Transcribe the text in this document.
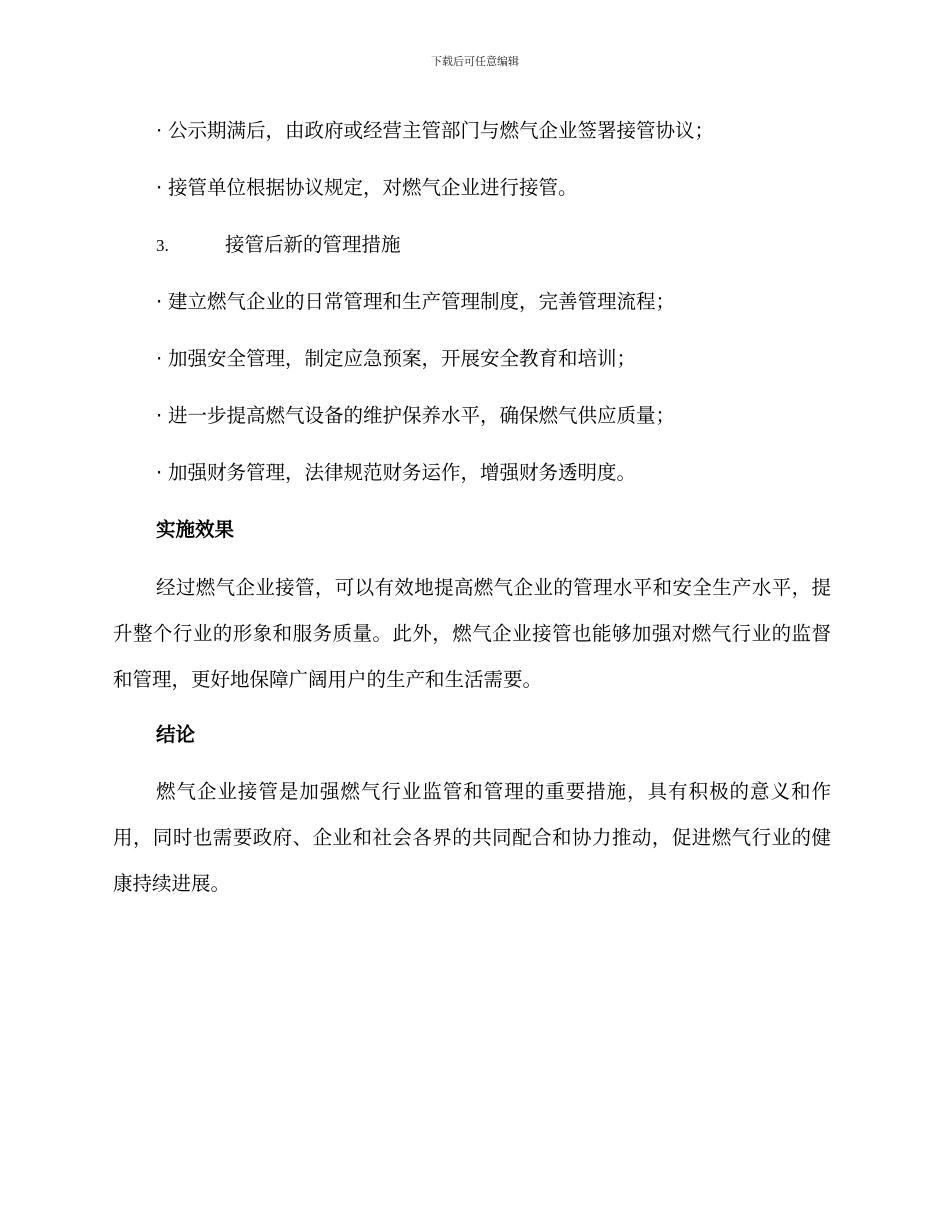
下载后可任意编辑
· 公示期满后，由政府或经营主管部门与燃气企业签署接管协议；
· 接管单位根据协议规定，对燃气企业进行接管。
3.	接管后新的管理措施
· 建立燃气企业的日常管理和生产管理制度，完善管理流程；
· 加强安全管理，制定应急预案，开展安全教育和培训；
· 进一步提高燃气设备的维护保养水平，确保燃气供应质量；
· 加强财务管理，法律规范财务运作，增强财务透明度。
实施效果
经过燃气企业接管，可以有效地提高燃气企业的管理水平和安全生产水平，提升整个行业的形象和服务质量。此外，燃气企业接管也能够加强对燃气行业的监督和管理，更好地保障广阔用户的生产和生活需要。
结论
燃气企业接管是加强燃气行业监管和管理的重要措施，具有积极的意义和作用，同时也需要政府、企业和社会各界的共同配合和协力推动，促进燃气行业的健康持续进展。
